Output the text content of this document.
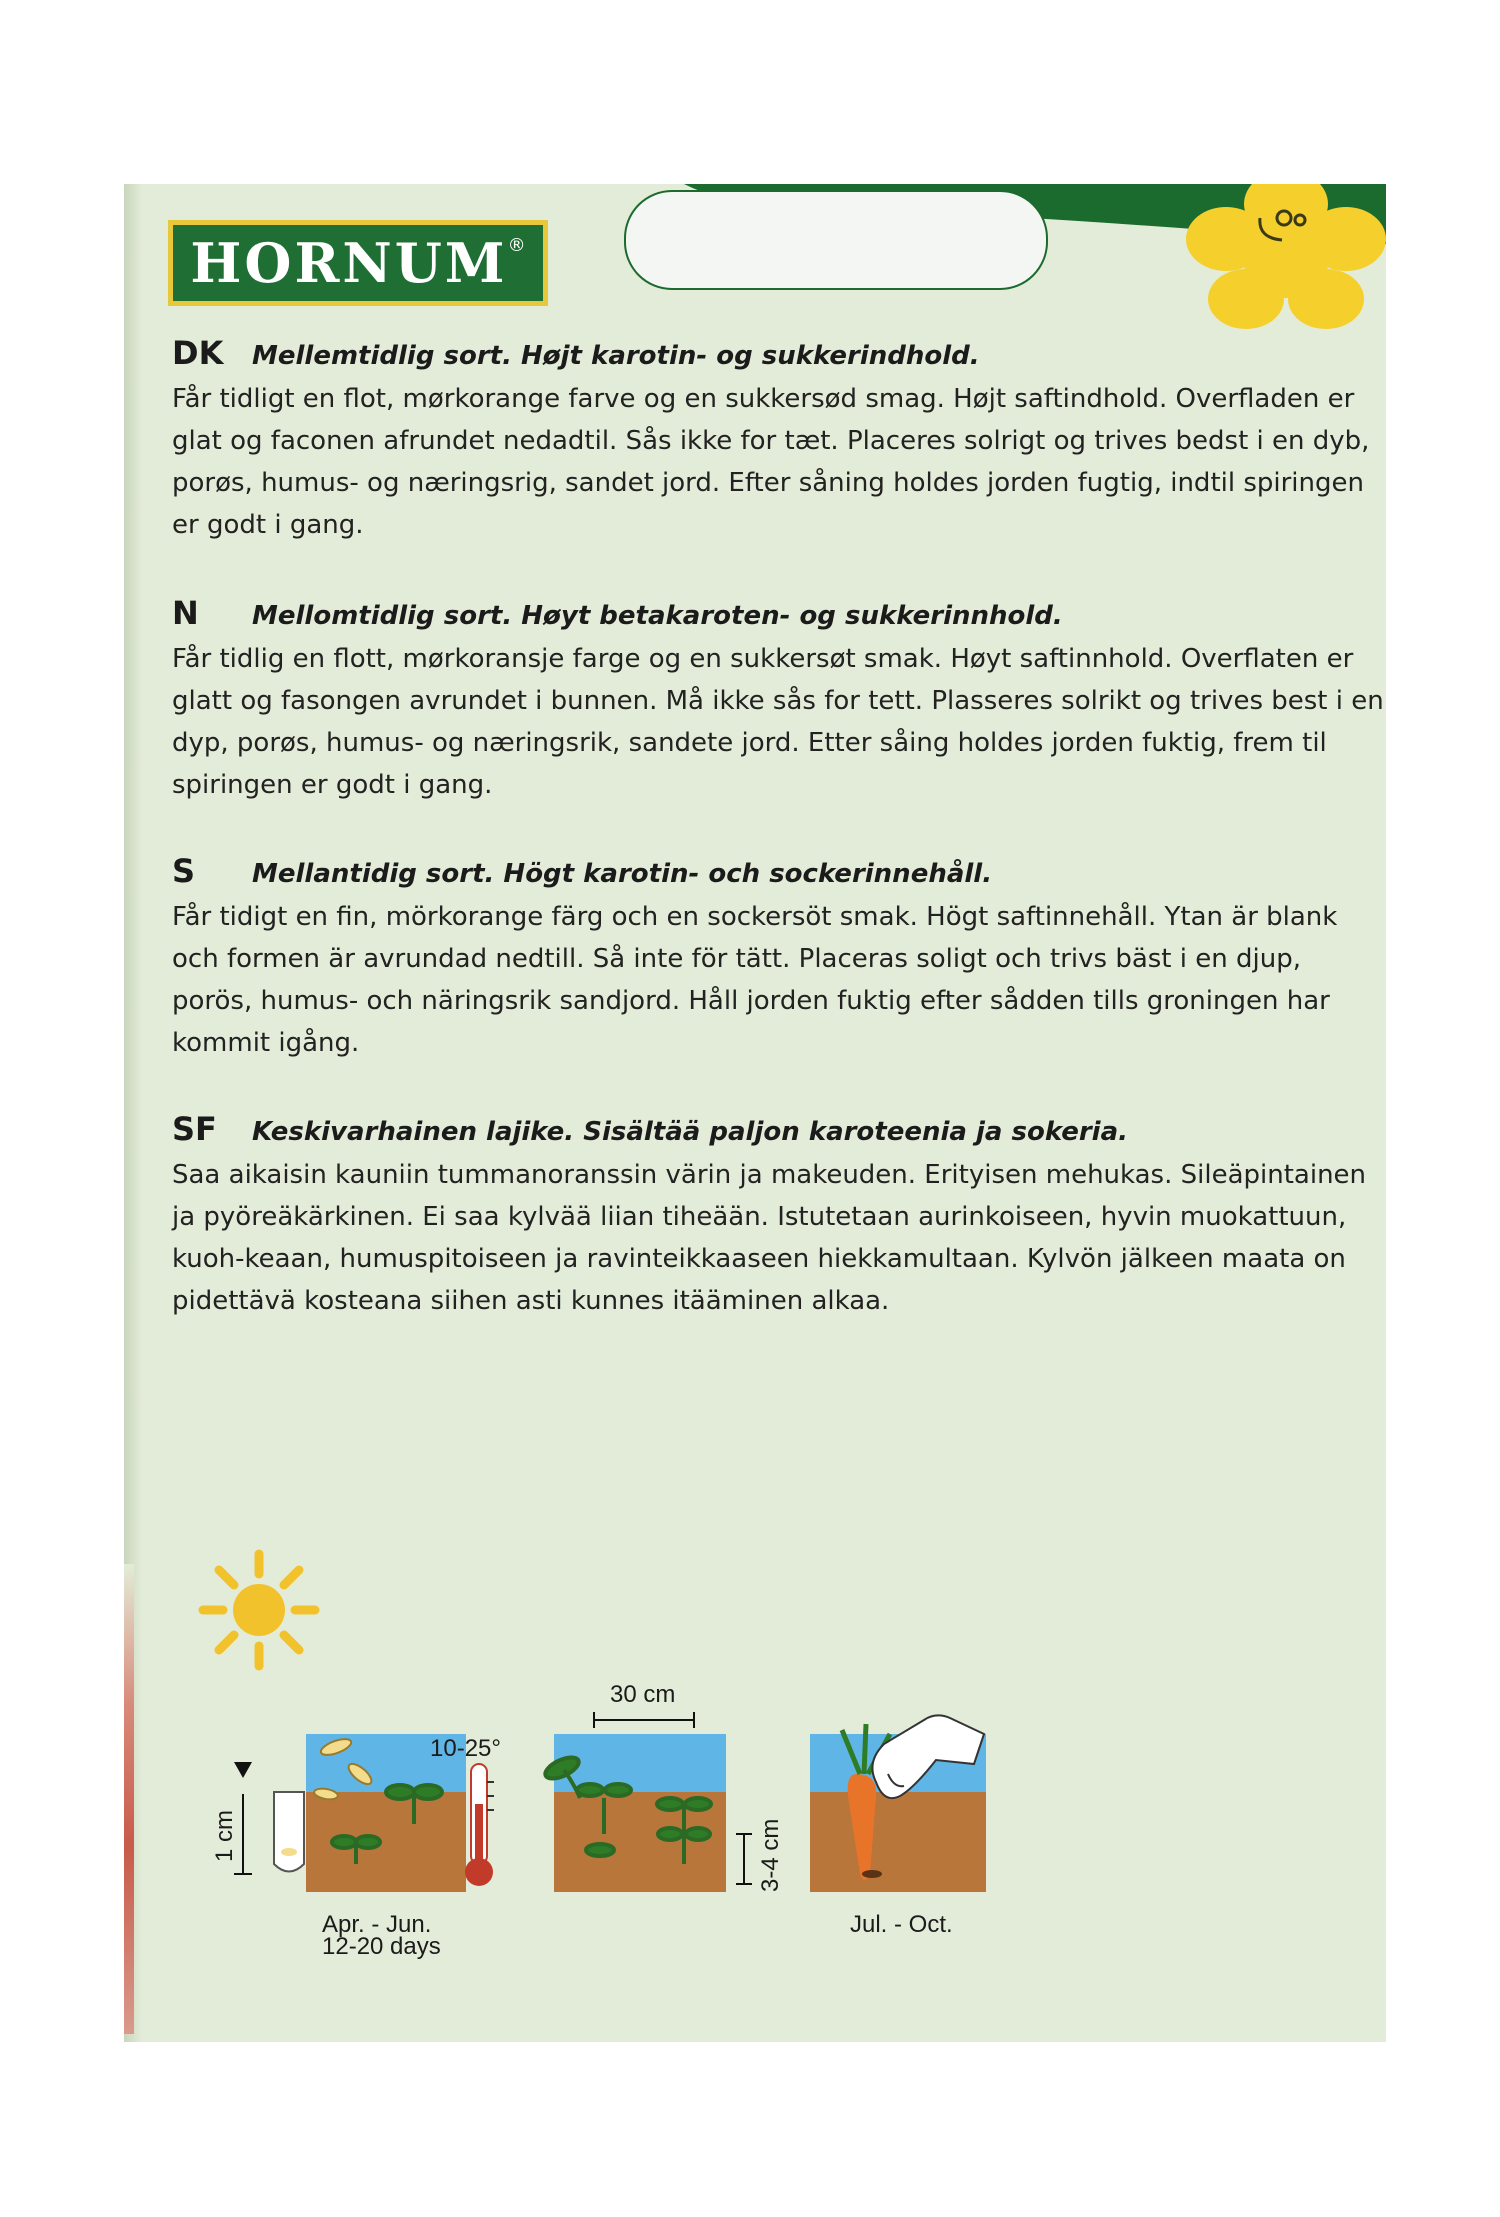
HORNUM ®
DK	Mellemtidlig sort. Højt karotin- og sukkerindhold.
Får tidligt en flot, mørkorange farve og en sukkersød smag. Højt saftindhold. Overfladen er glat og faconen afrundet nedadtil. Sås ikke for tæt. Placeres solrigt og trives bedst i en dyb, porøs, humus- og næringsrig, sandet jord. Efter såning holdes jorden fugtig, indtil spiringen er godt i gang.
N	Mellomtidlig sort. Høyt betakaroten- og sukkerinnhold.
Får tidlig en flott, mørkoransje farge og en sukkersøt smak. Høyt saftinnhold. Overflaten er glatt og fasongen avrundet i bunnen. Må ikke sås for tett. Plasseres solrikt og trives best i en dyp, porøs, humus- og næringsrik, sandete jord. Etter såing holdes jorden fuktig, frem til spiringen er godt i gang.
S	Mellantidig sort. Högt karotin- och sockerinnehåll.
Får tidigt en fin, mörkorange färg och en sockersöt smak. Högt saftinnehåll. Ytan är blank och formen är avrundad nedtill. Så inte för tätt. Placeras soligt och trivs bäst i en djup, porös, humus- och näringsrik sandjord. Håll jorden fuktig efter sådden tills groningen har kommit igång.
SF	Keskivarhainen lajike. Sisältää paljon karoteenia ja sokeria.
Saa aikaisin kauniin tummanoranssin värin ja makeuden. Erityisen mehukas. Sileäpintainen ja pyöreäkärkinen. Ei saa kylvää liian tiheään. Istutetaan aurinkoiseen, hyvin muokattuun, kuoh-keaan, humuspitoiseen ja ravinteikkaaseen hiekkamultaan. Kylvön jälkeen maata on pidettävä kosteana siihen asti kunnes itääminen alkaa.
1 cm
Apr. - Jun.
12-20 days
10-25°
30 cm
3-4 cm
Jul. - Oct.
